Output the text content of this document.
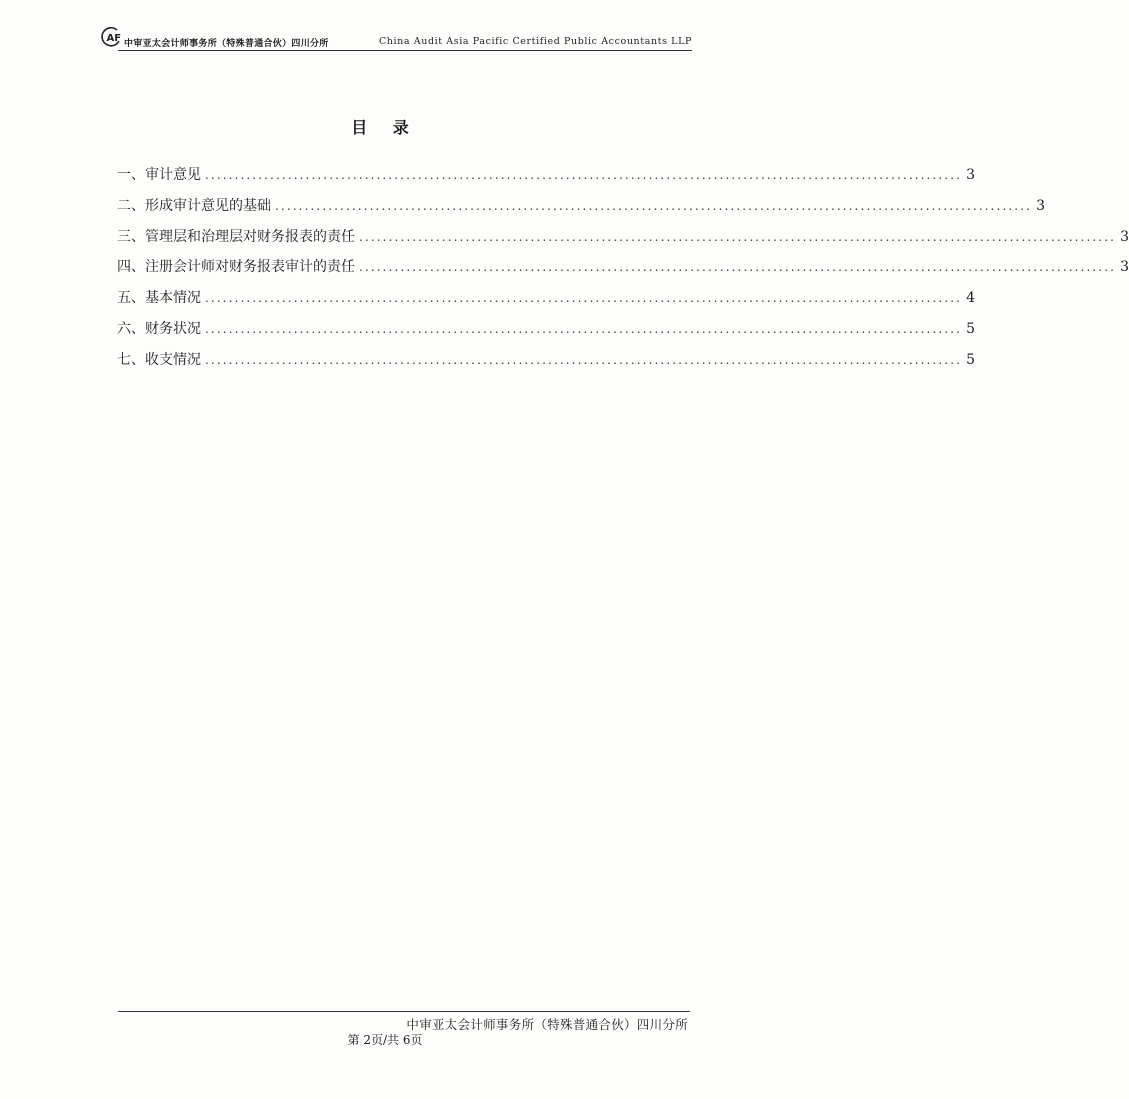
AF 中审亚太会计师事务所（特殊普通合伙）四川分所	China Audit Asia Pacific Certified Public Accountants LLP
目 录
一、审计意见 ................................................................................................................................ 3
二、形成审计意见的基础 ................................................................................................................................ 3
三、管理层和治理层对财务报表的责任 ................................................................................................................................ 3
四、注册会计师对财务报表审计的责任 ................................................................................................................................ 3
五、基本情况 ................................................................................................................................ 4
六、财务状况 ................................................................................................................................ 5
七、收支情况 ................................................................................................................................ 5
中审亚太会计师事务所（特殊普通合伙）四川分所
第 2页/共 6页
